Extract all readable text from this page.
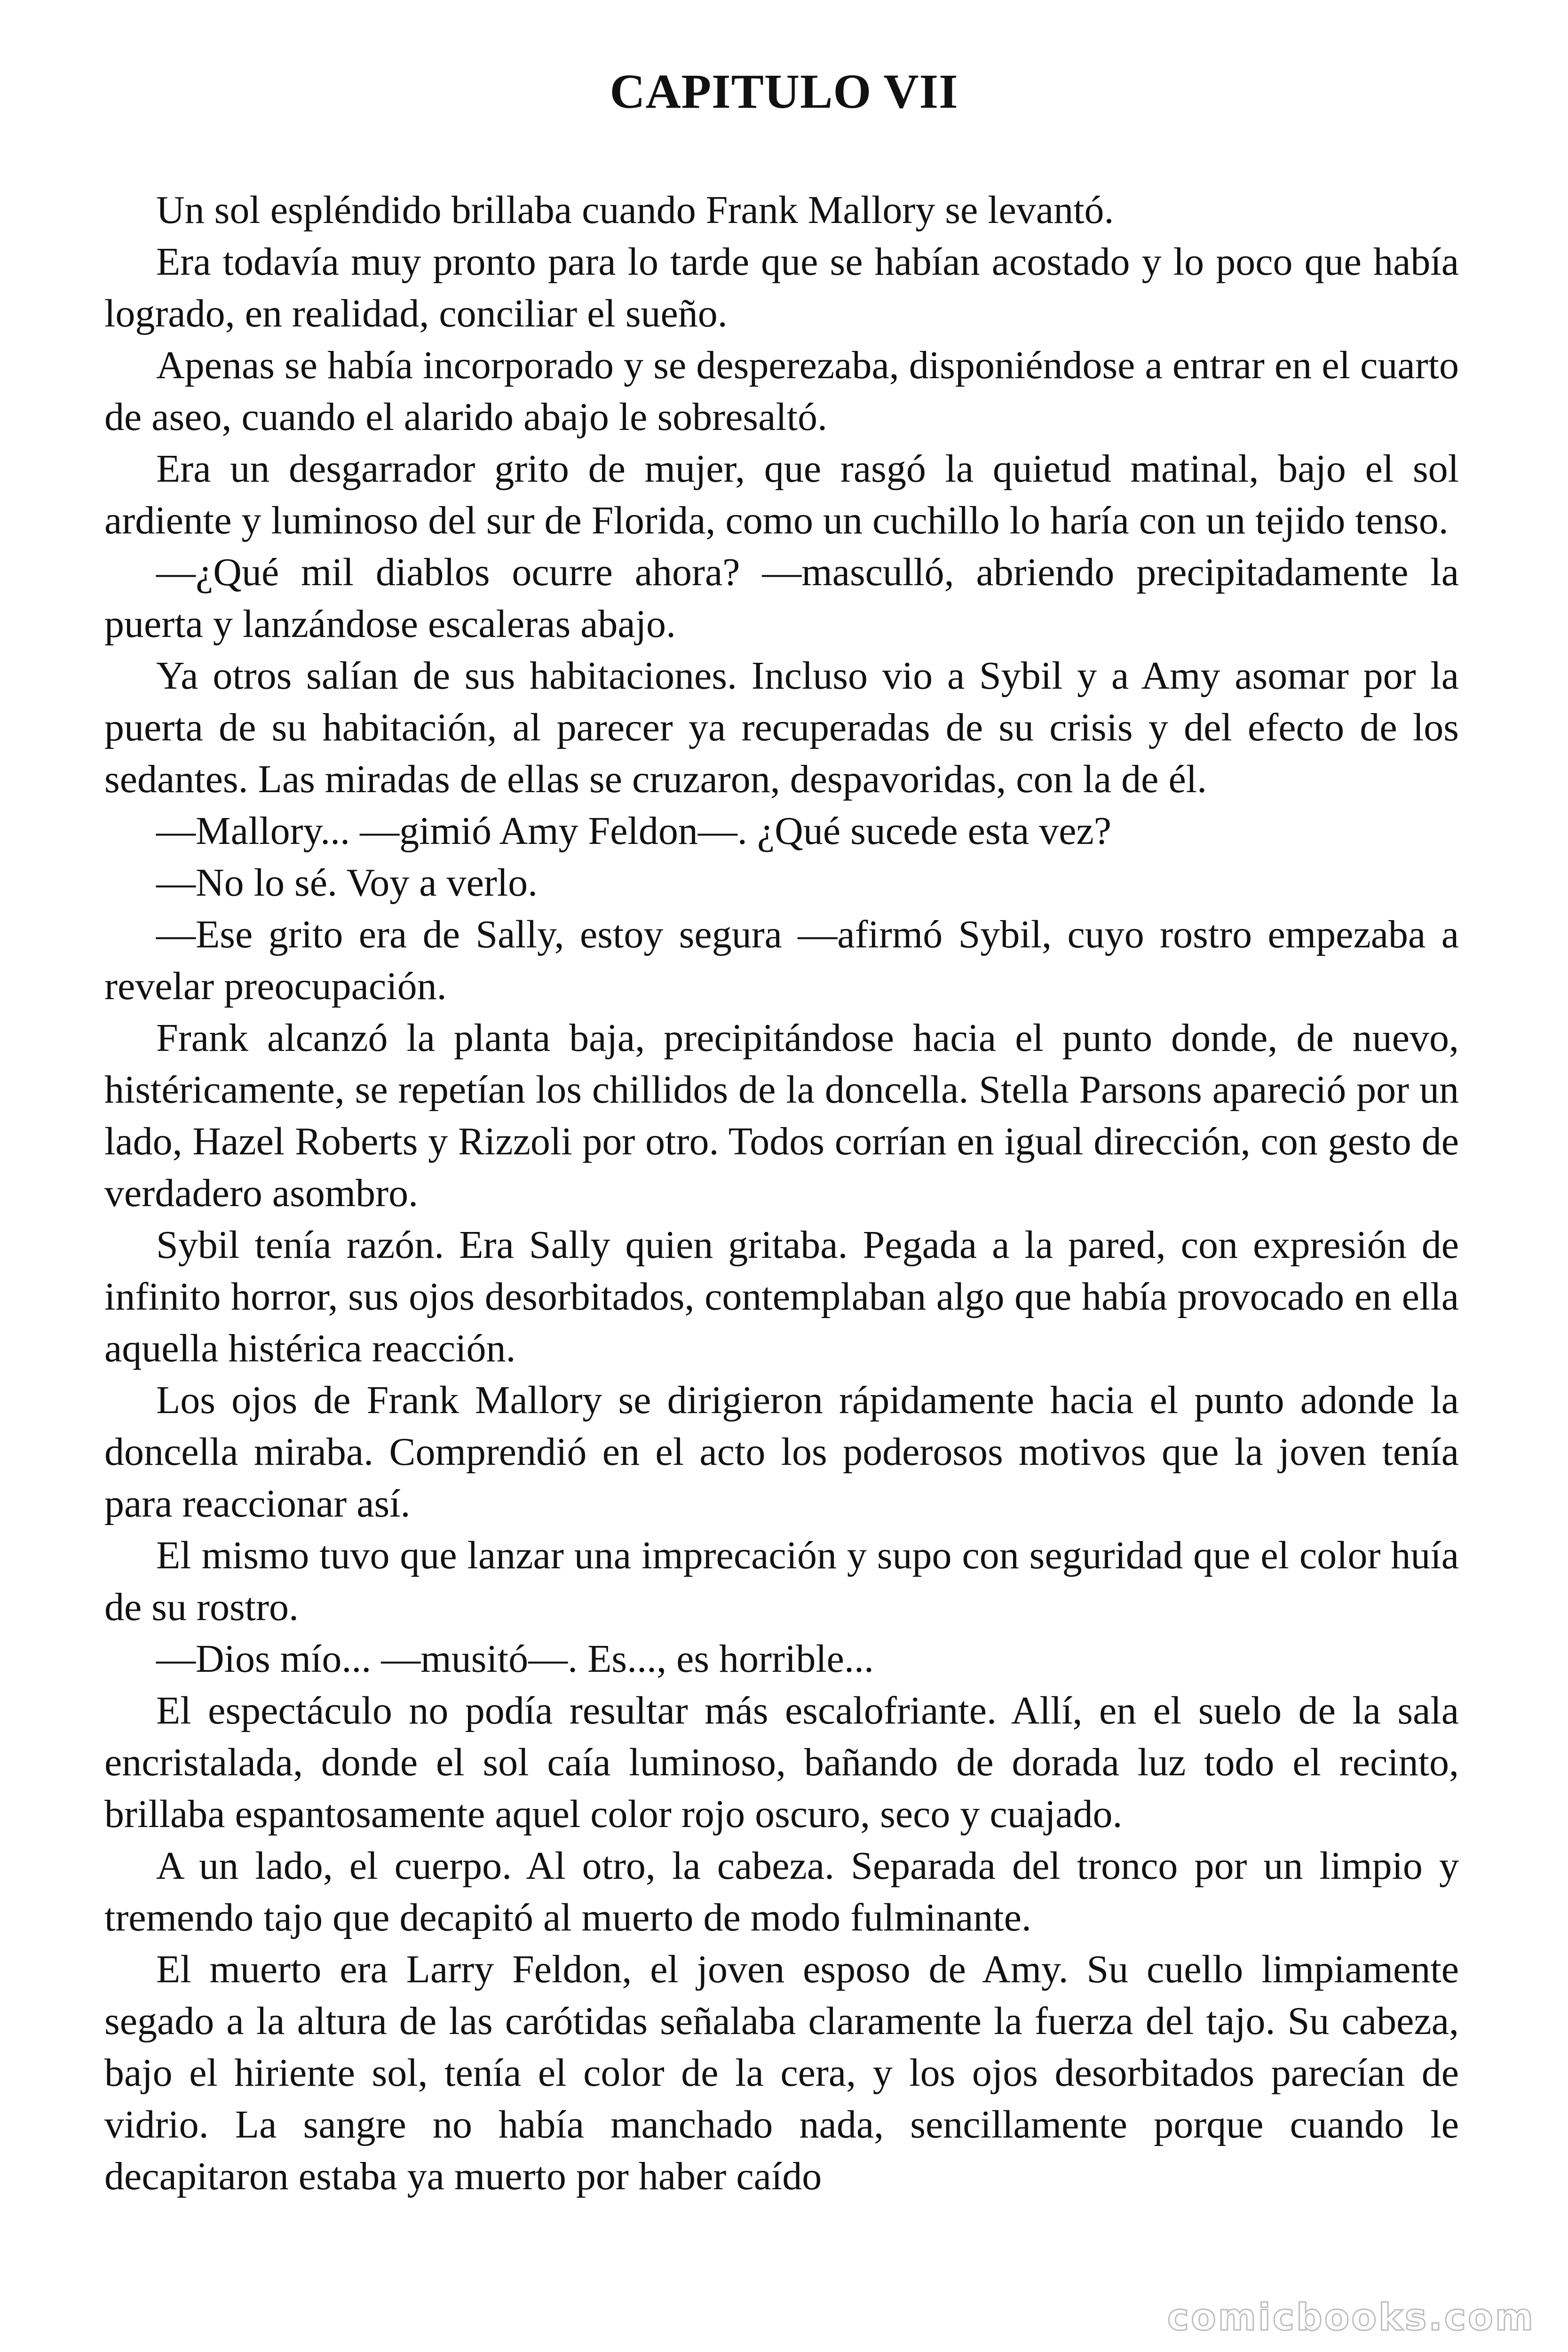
CAPITULO VII

Un sol espléndido brillaba cuando Frank Mallory se levantó.

Era todavía muy pronto para lo tarde que se habían acostado y lo poco que había logrado, en realidad, conciliar el sueño.

Apenas se había incorporado y se desperezaba, disponiéndose a entrar en el cuarto de aseo, cuando el alarido abajo le sobresaltó.

Era un desgarrador grito de mujer, que rasgó la quietud matinal, bajo el sol ardiente y luminoso del sur de Florida, como un cuchillo lo haría con un tejido tenso.

—¿Qué mil diablos ocurre ahora? —masculló, abriendo precipitadamente la puerta y lanzándose escaleras abajo.

Ya otros salían de sus habitaciones. Incluso vio a Sybil y a Amy asomar por la puerta de su habitación, al parecer ya recuperadas de su crisis y del efecto de los sedantes. Las miradas de ellas se cruzaron, despavoridas, con la de él.

—Mallory... —gimió Amy Feldon—. ¿Qué sucede esta vez?

—No lo sé. Voy a verlo.

—Ese grito era de Sally, estoy segura —afirmó Sybil, cuyo rostro empezaba a revelar preocupación.

Frank alcanzó la planta baja, precipitándose hacia el punto donde, de nuevo, histéricamente, se repetían los chillidos de la doncella. Stella Parsons apareció por un lado, Hazel Roberts y Rizzoli por otro. Todos corrían en igual dirección, con gesto de verdadero asombro.

Sybil tenía razón. Era Sally quien gritaba. Pegada a la pared, con expresión de infinito horror, sus ojos desorbitados, contemplaban algo que había provocado en ella aquella histérica reacción.

Los ojos de Frank Mallory se dirigieron rápidamente hacia el punto adonde la doncella miraba. Comprendió en el acto los poderosos motivos que la joven tenía para reaccionar así.

El mismo tuvo que lanzar una imprecación y supo con seguridad que el color huía de su rostro.

—Dios mío... —musitó—. Es..., es horrible...

El espectáculo no podía resultar más escalofriante. Allí, en el suelo de la sala encristalada, donde el sol caía luminoso, bañando de dorada luz todo el recinto, brillaba espantosamente aquel color rojo oscuro, seco y cuajado.

A un lado, el cuerpo. Al otro, la cabeza. Separada del tronco por un limpio y tremendo tajo que decapitó al muerto de modo fulminante.

El muerto era Larry Feldon, el joven esposo de Amy. Su cuello limpiamente segado a la altura de las carótidas señalaba claramente la fuerza del tajo. Su cabeza, bajo el hiriente sol, tenía el color de la cera, y los ojos desorbitados parecían de vidrio. La sangre no había manchado nada, sencillamente porque cuando le decapitaron estaba ya muerto por haber caído

comicbooks.com
